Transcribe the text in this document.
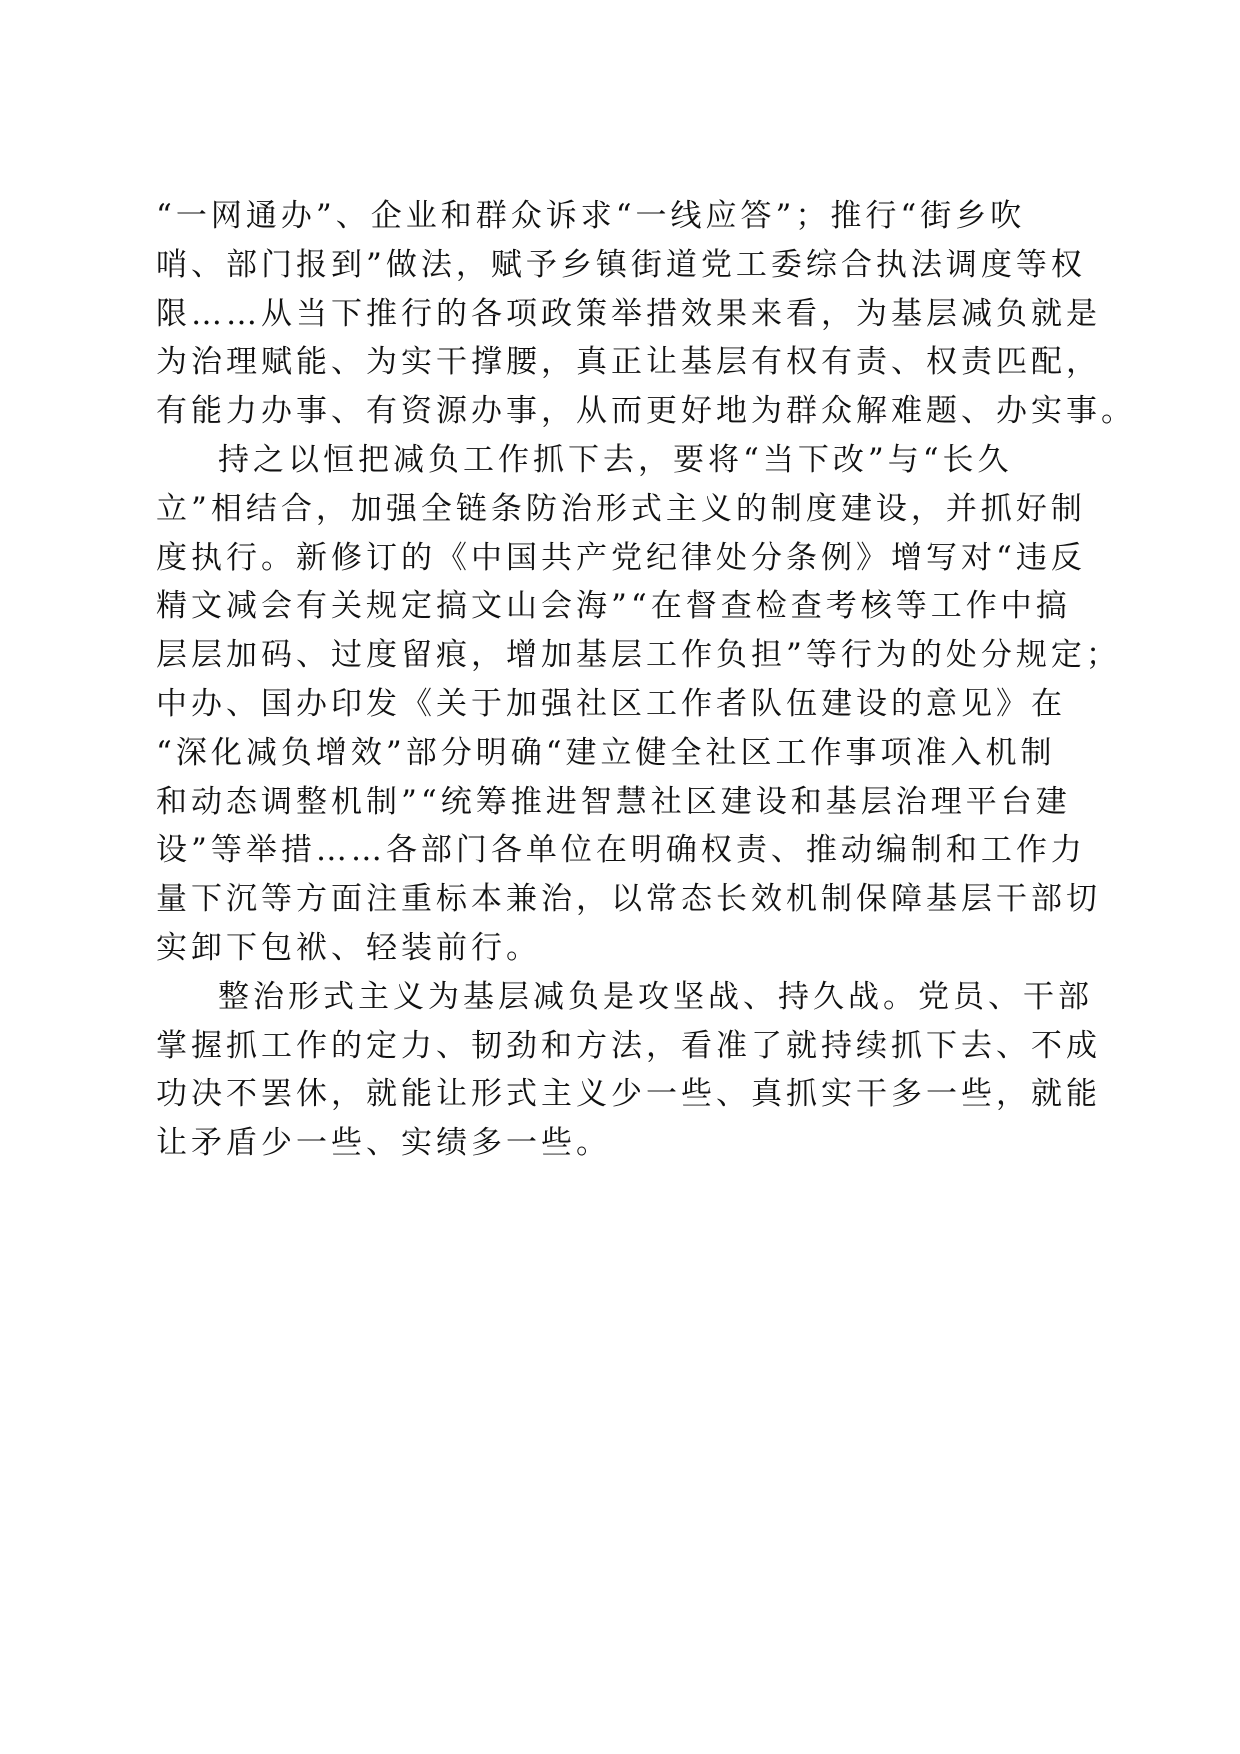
“一网通办”、企业和群众诉求“一线应答”；推行“街乡吹
哨、部门报到”做法，赋予乡镇街道党工委综合执法调度等权
限……从当下推行的各项政策举措效果来看，为基层减负就是
为治理赋能、为实干撑腰，真正让基层有权有责、权责匹配，
有能力办事、有资源办事，从而更好地为群众解难题、办实事。
持之以恒把减负工作抓下去，要将“当下改”与“长久
立”相结合，加强全链条防治形式主义的制度建设，并抓好制
度执行。新修订的《中国共产党纪律处分条例》增写对“违反
精文减会有关规定搞文山会海”“在督查检查考核等工作中搞
层层加码、过度留痕，增加基层工作负担”等行为的处分规定；
中办、国办印发《关于加强社区工作者队伍建设的意见》在
“深化减负增效”部分明确“建立健全社区工作事项准入机制
和动态调整机制”“统筹推进智慧社区建设和基层治理平台建
设”等举措……各部门各单位在明确权责、推动编制和工作力
量下沉等方面注重标本兼治，以常态长效机制保障基层干部切
实卸下包袱、轻装前行。
整治形式主义为基层减负是攻坚战、持久战。党员、干部
掌握抓工作的定力、韧劲和方法，看准了就持续抓下去、不成
功决不罢休，就能让形式主义少一些、真抓实干多一些，就能
让矛盾少一些、实绩多一些。
